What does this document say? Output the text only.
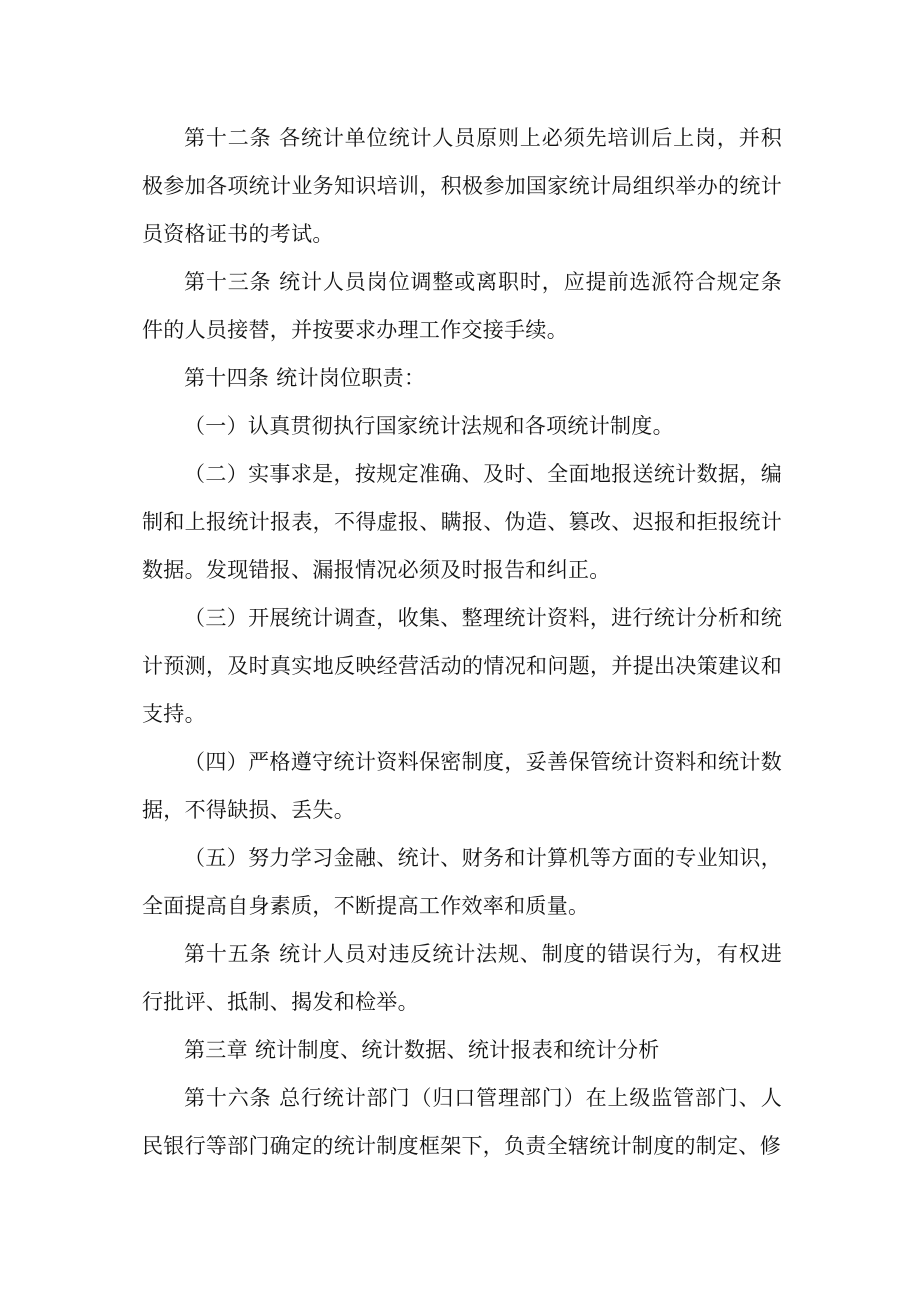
第十二条 各统计单位统计人员原则上必须先培训后上岗，并积极参加各项统计业务知识培训，积极参加国家统计局组织举办的统计员资格证书的考试。

第十三条 统计人员岗位调整或离职时，应提前选派符合规定条件的人员接替，并按要求办理工作交接手续。

第十四条 统计岗位职责：

（一）认真贯彻执行国家统计法规和各项统计制度。

（二）实事求是，按规定准确、及时、全面地报送统计数据，编制和上报统计报表，不得虚报、瞒报、伪造、篡改、迟报和拒报统计数据。发现错报、漏报情况必须及时报告和纠正。

（三）开展统计调查，收集、整理统计资料，进行统计分析和统计预测，及时真实地反映经营活动的情况和问题，并提出决策建议和支持。

（四）严格遵守统计资料保密制度，妥善保管统计资料和统计数据，不得缺损、丢失。

（五）努力学习金融、统计、财务和计算机等方面的专业知识，全面提高自身素质，不断提高工作效率和质量。

第十五条 统计人员对违反统计法规、制度的错误行为，有权进行批评、抵制、揭发和检举。

第三章 统计制度、统计数据、统计报表和统计分析

第十六条 总行统计部门（归口管理部门）在上级监管部门、人民银行等部门确定的统计制度框架下，负责全辖统计制度的制定、修
